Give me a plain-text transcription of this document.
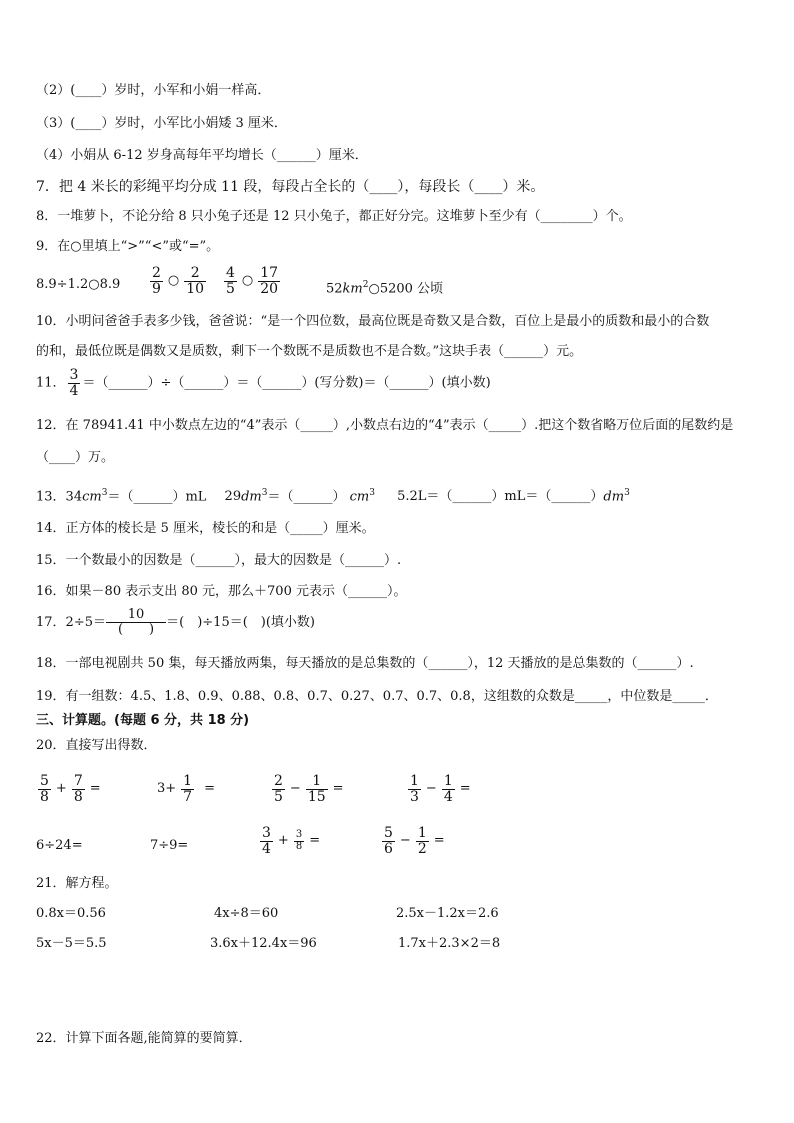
（2）(____）岁时，小军和小娟一样高．
（3）(____）岁时，小军比小娟矮 3 厘米．
（4）小娟从 6-12 岁身高每年平均增长（______）厘米．
7．把 4 米长的彩绳平均分成 11 段，每段占全长的（____），每段长（____）米。
8．一堆萝卜，不论分给 8 只小兔子还是 12 只小兔子，都正好分完。这堆萝卜至少有（________）个。
9．在○里填上“>”“<”或“=”。
8.9÷1.2○8.9 $\frac{2}{9}$ ○ $\frac{2}{10} \frac{4}{5}$ ○ $\frac{17}{20}$	$52km^2○5200$ 公顷
10．小明问爸爸手表多少钱，爸爸说：“是一个四位数，最高位既是奇数又是合数，百位上是最小的质数和最小的合数
的和，最低位既是偶数又是质数，剩下一个数既不是质数也不是合数。”这块手表（______）元。
11． $\frac{3}{4}$ ＝（______）÷（______）＝（______）(写分数)＝（______）(填小数)
12．在 78941.41 中小数点左边的“4”表示（_____）,小数点右边的“4”表示（_____）.把这个数省略万位后面的尾数约是
（____）万。
13．$34cm^3=(\_\_\_\_\_\_)mL$ $29dm^3=(\_\_\_\_\_\_)$ $cm^3$ $5.2L=(\_\_\_\_\_\_)mL=(\_\_\_\_\_\_)dm^3$
14．正方体的棱长是 5 厘米，棱长的和是（_____）厘米。
15．一个数最小的因数是（______），最大的因数是（______）.
16．如果－80 表示支出 80 元，那么＋700 元表示（______）。
17．2÷5＝
10
(　　) ＝(　)÷15＝(　)(填小数)
18．一部电视剧共 50 集，每天播放两集，每天播放的是总集数的（______），12 天播放的是总集数的（______）.
19．有一组数：4.5、1.8、0.9、0.88、0.8、0.7、0.27、0.7、0.7、0.8，这组数的众数是_____，中位数是_____．
三、计算题。(每题 6 分，共 18 分)
20．直接写出得数．
$\frac{5}{8} + \frac{7}{8}$ =	$3+ \frac{1}{7}$ =	$\frac{2}{5} - \frac{1}{15}$ =	$\frac{1}{3} - \frac{1}{4}$ =
6÷24=	7÷9=	$\frac{3}{4} + \frac{3}{8}$ =	$\frac{5}{6} - \frac{1}{2}$ =
21．解方程。
0.8x＝0.56	4x÷8＝60	2.5x－1.2x＝2.6
5x－5＝5.5	3.6x＋12.4x＝96	1.7x＋2.3×2＝8
22．计算下面各题,能简算的要简算．
